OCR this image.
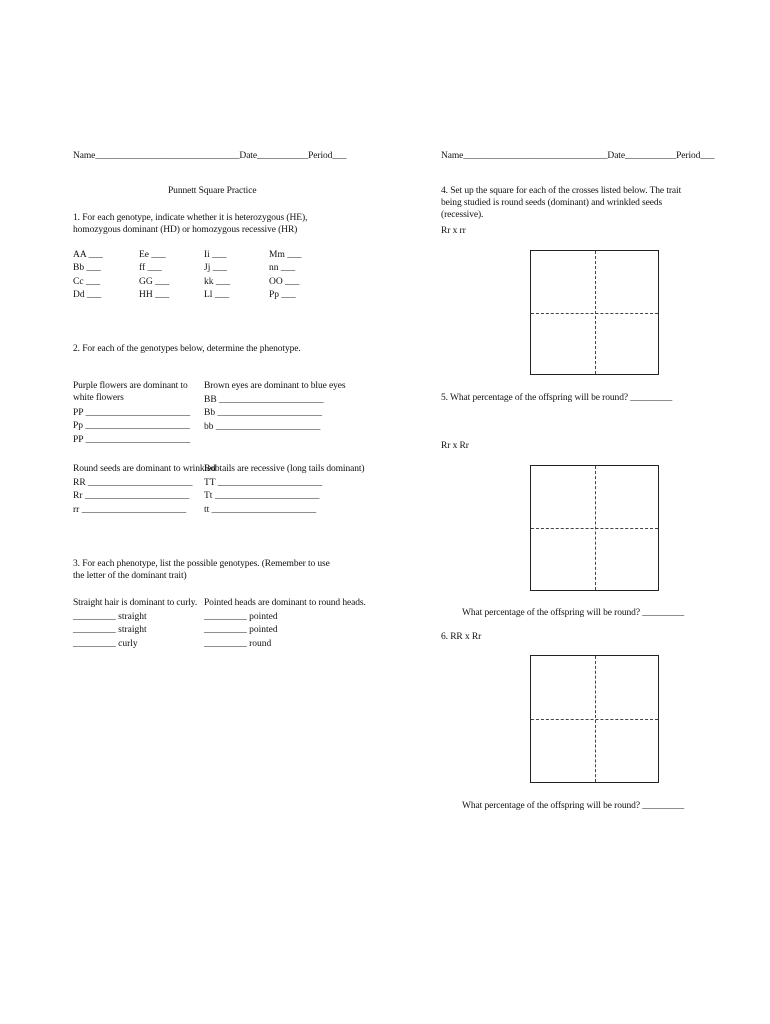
Name_______________________________Date___________Period___
Punnett Square Practice
1. For each genotype, indicate whether it is heterozygous (HE), homozygous dominant (HD) or homozygous recessive (HR)
AA ___
Bb ___
Cc ___
Dd ___
Ee ___
ff ___
GG ___
HH ___
Ii ___
Jj ___
kk ___
Ll ___
Mm ___
nn ___
OO ___
Pp ___
2. For each of the genotypes below, determine the phenotype.
Purple flowers are dominant to white flowers
PP ______________________
Pp ______________________
PP ______________________
Brown eyes are dominant to blue eyes
BB ______________________
Bb ______________________
bb ______________________
Round seeds are dominant to wrinkled
RR ______________________
Rr ______________________
rr ______________________
Bobtails are recessive (long tails dominant)
TT ______________________
Tt ______________________
tt ______________________
3. For each phenotype, list the possible genotypes. (Remember to use the letter of the dominant trait)
Straight hair is dominant to curly.
_________ straight
_________ straight
_________ curly
Pointed heads are dominant to round heads.
_________ pointed
_________ pointed
_________ round
Name_______________________________Date___________Period___
4. Set up the square for each of the crosses listed below. The trait being studied is round seeds (dominant) and wrinkled seeds (recessive).
Rr x rr
5. What percentage of the offspring will be round? _________
Rr x Rr
What percentage of the offspring will be round? _________
6. RR x Rr
What percentage of the offspring will be round? _________
